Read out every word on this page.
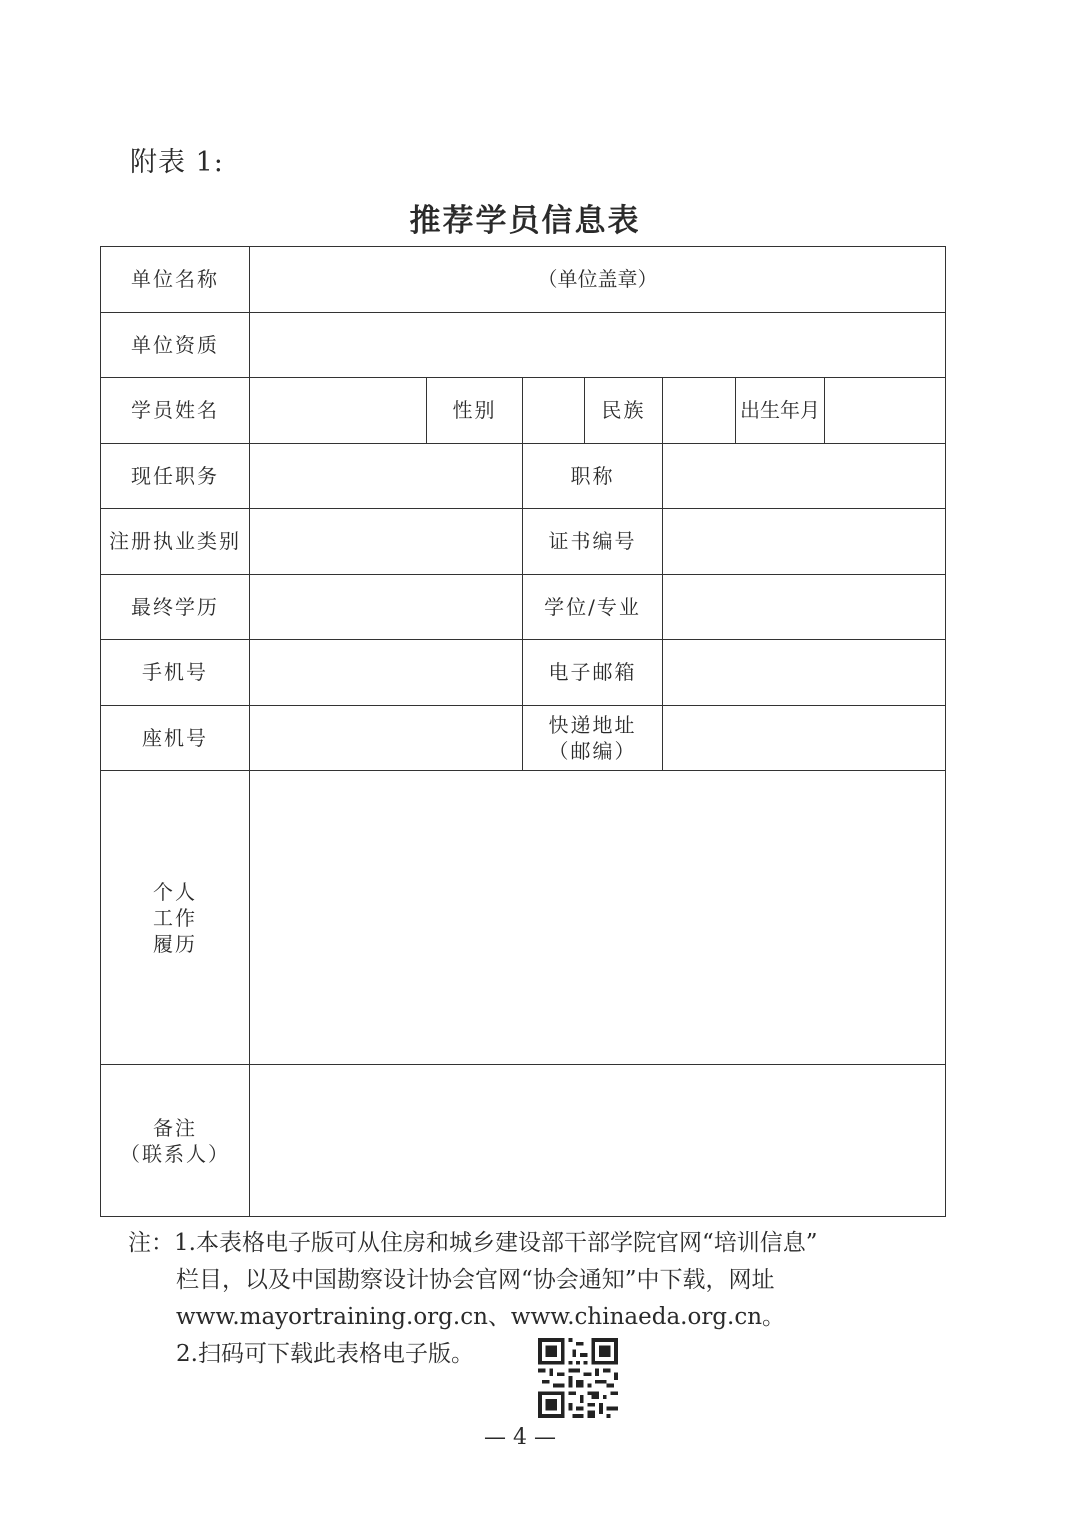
附表 1:
推荐学员信息表
单位名称	（单位盖章）						
单位资质							
学员姓名		性别		民族		出生年月	
现任职务			职称				
注册执业类别			证书编号				
最终学历			学位/专业				
手机号			电子邮箱				
座机号			快递地址
（邮编）				

个人
工作
履历							

备注
（联系人）							

注：1.本表格电子版可从住房和城乡建设部干部学院官网“培训信息”
栏目，以及中国勘察设计协会官网“协会通知”中下载，网址
www.mayortraining.org.cn、www.chinaeda.org.cn。
2.扫码可下载此表格电子版。
— 4 —
